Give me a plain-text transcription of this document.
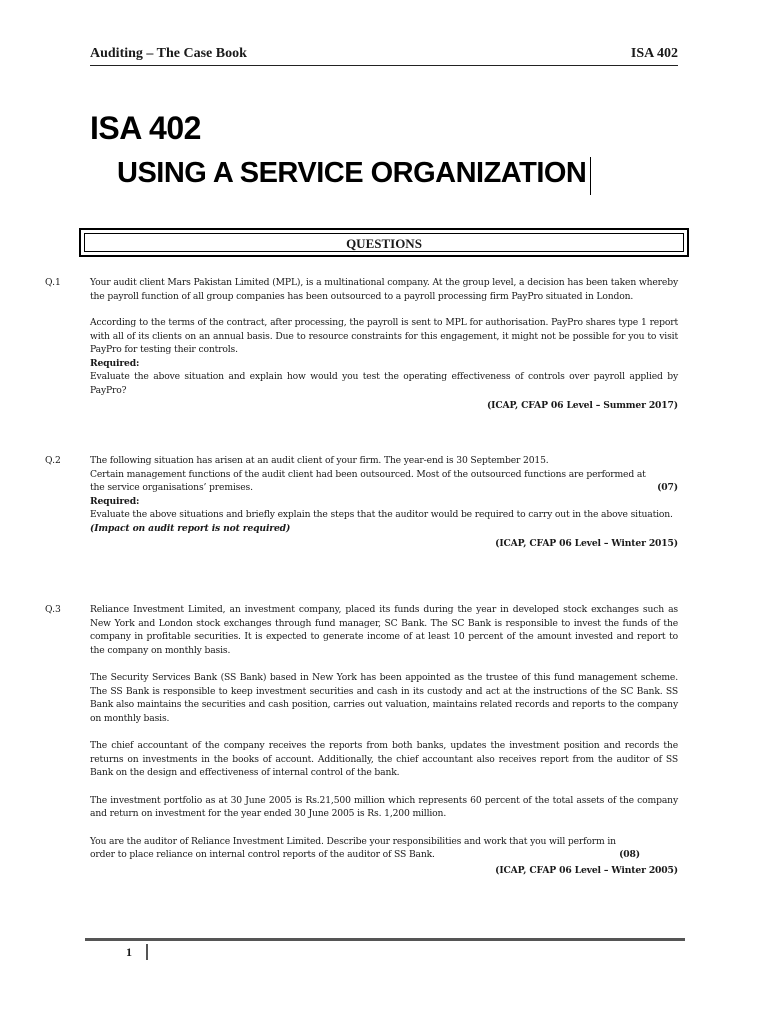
Auditing – The Case Book	ISA 402
ISA 402
USING A SERVICE ORGANIZATION
QUESTIONS
Q.1	Your audit client Mars Pakistan Limited (MPL), is a multinational company. At the group level, a decision has been taken whereby the payroll function of all group companies has been outsourced to a payroll processing firm PayPro situated in London.

According to the terms of the contract, after processing, the payroll is sent to MPL for authorisation. PayPro shares type 1 report with all of its clients on an annual basis. Due to resource constraints for this engagement, it might not be possible for you to visit PayPro for testing their controls.

Required:
Evaluate the above situation and explain how would you test the operating effectiveness of controls over payroll applied by PayPro?
(ICAP, CFAP 06 Level – Summer 2017)
Q.2	The following situation has arisen at an audit client of your firm. The year-end is 30 September 2015.
Certain management functions of the audit client had been outsourced. Most of the outsourced functions are performed at
the service organisations’ premises.	(07)
Required:
Evaluate the above situations and briefly explain the steps that the auditor would be required to carry out in the above situation.
(Impact on audit report is not required)
(ICAP, CFAP 06 Level – Winter 2015)
Q.3	Reliance Investment Limited, an investment company, placed its funds during the year in developed stock exchanges such as New York and London stock exchanges through fund manager, SC Bank. The SC Bank is responsible to invest the funds of the company in profitable securities. It is expected to generate income of at least 10 percent of the amount invested and report to the company on monthly basis.

The Security Services Bank (SS Bank) based in New York has been appointed as the trustee of this fund management scheme. The SS Bank is responsible to keep investment securities and cash in its custody and act at the instructions of the SC Bank. SS Bank also maintains the securities and cash position, carries out valuation, maintains related records and reports to the company on monthly basis.

The chief accountant of the company receives the reports from both banks, updates the investment position and records the returns on investments in the books of account. Additionally, the chief accountant also receives report from the auditor of SS Bank on the design and effectiveness of internal control of the bank.

The investment portfolio as at 30 June 2005 is Rs.21,500 million which represents 60 percent of the total assets of the company and return on investment for the year ended 30 June 2005 is Rs. 1,200 million.

You are the auditor of Reliance Investment Limited. Describe your responsibilities and work that you will perform in
order to place reliance on internal control reports of the auditor of SS Bank.	(08)
(ICAP, CFAP 06 Level – Winter 2005)
1
